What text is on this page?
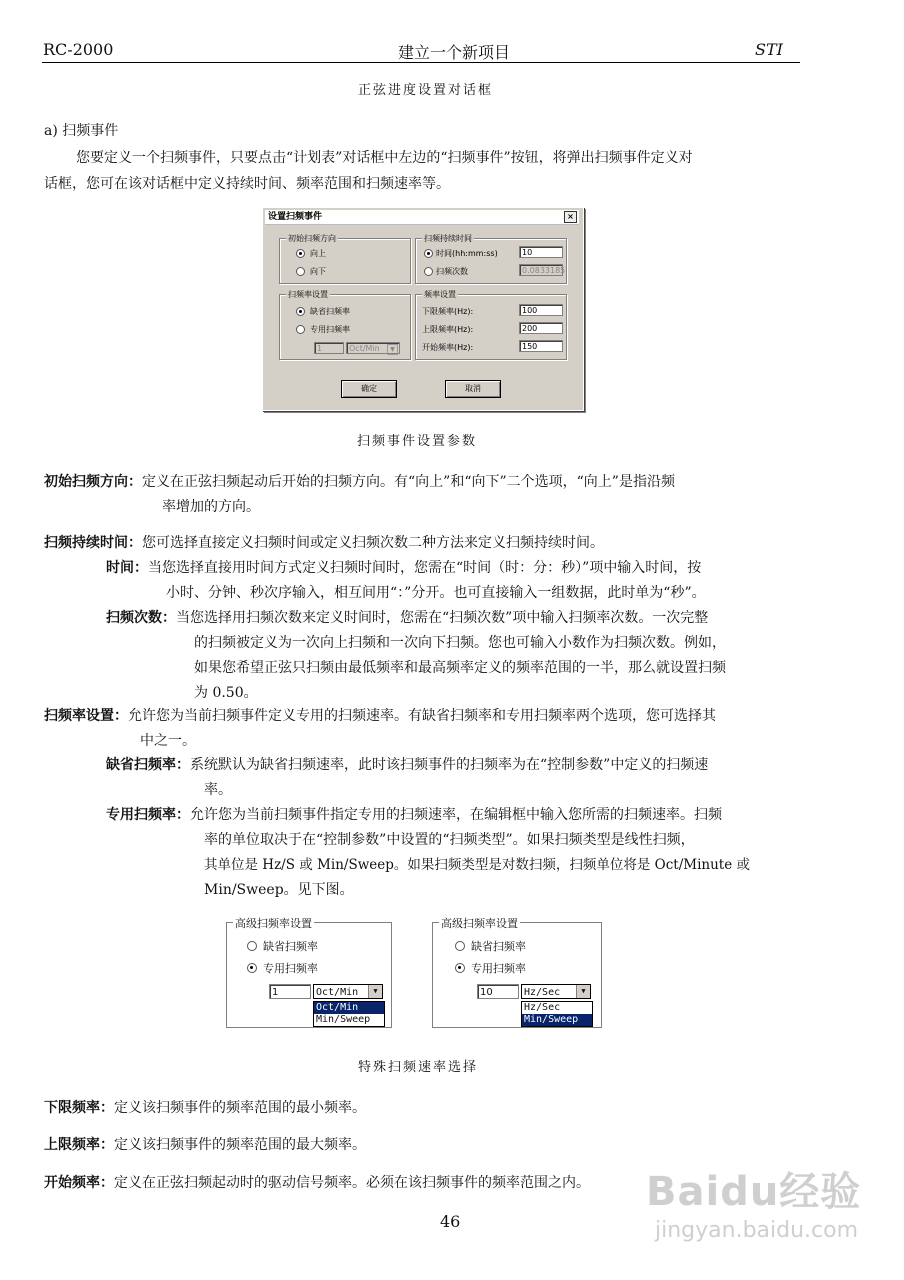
RC-2000	建立一个新项目	STI
正弦进度设置对话框
a) 扫频事件
您要定义一个扫频事件，只要点击“计划表”对话框中左边的“扫频事件”按钮，将弹出扫频事件定义对
话框，您可在该对话框中定义持续时间、频率范围和扫频速率等。
设置扫频事件	×
初始扫频方向
向上
向下
扫频持续时间
时间(hh:mm:ss)	10
扫频次数	0.0833185
扫频率设置
缺省扫频率
专用扫频率
1	Oct/Min	▼
频率设置
下限频率(Hz):	100
上限频率(Hz):	200
开始频率(Hz):	150
确定	取消
扫频事件设置参数
初始扫频方向：定义在正弦扫频起动后开始的扫频方向。有“向上”和“向下”二个选项，“向上”是指沿频
率增加的方向。
扫频持续时间：您可选择直接定义扫频时间或定义扫频次数二种方法来定义扫频持续时间。
时间：当您选择直接用时间方式定义扫频时间时，您需在“时间（时：分：秒）”项中输入时间，按
小时、分钟、秒次序输入，相互间用“：”分开。也可直接输入一组数据，此时单为“秒”。
扫频次数：当您选择用扫频次数来定义时间时，您需在“扫频次数”项中输入扫频率次数。一次完整
的扫频被定义为一次向上扫频和一次向下扫频。您也可输入小数作为扫频次数。例如，
如果您希望正弦只扫频由最低频率和最高频率定义的频率范围的一半，那么就设置扫频
为 0.50。
扫频率设置：允许您为当前扫频事件定义专用的扫频速率。有缺省扫频率和专用扫频率两个选项，您可选择其
中之一。
缺省扫频率：系统默认为缺省扫频速率，此时该扫频事件的扫频率为在“控制参数”中定义的扫频速
率。
专用扫频率：允许您为当前扫频事件指定专用的扫频速率，在编辑框中输入您所需的扫频速率。扫频
率的单位取决于在“控制参数”中设置的“扫频类型”。如果扫频类型是线性扫频，
其单位是 Hz/S 或 Min/Sweep。如果扫频类型是对数扫频，扫频单位将是 Oct/Minute 或
Min/Sweep。见下图。
高级扫频率设置
缺省扫频率
专用扫频率
1	Oct/Min	▼
Oct/Min
Min/Sweep
高级扫频率设置
缺省扫频率
专用扫频率
10	Hz/Sec	▼
Hz/Sec
Min/Sweep
特殊扫频速率选择
下限频率：定义该扫频事件的频率范围的最小频率。
上限频率：定义该扫频事件的频率范围的最大频率。
开始频率：定义在正弦扫频起动时的驱动信号频率。必须在该扫频事件的频率范围之内。
46
Baidu经验
jingyan.baidu.com
